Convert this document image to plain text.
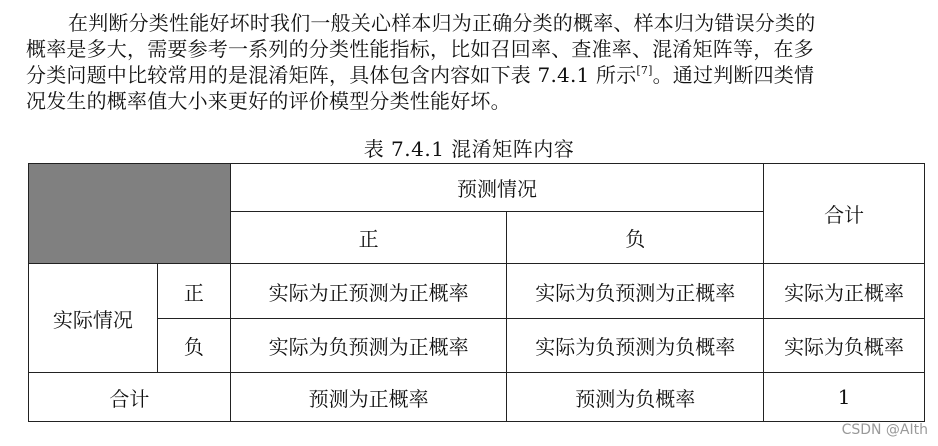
在判断分类性能好坏时我们一般关心样本归为正确分类的概率、样本归为错误分类的
概率是多大，需要参考一系列的分类性能指标，比如召回率、查准率、混淆矩阵等，在多
分类问题中比较常用的是混淆矩阵，具体包含内容如下表 7.4.1 所示[7]。通过判断四类情
况发生的概率值大小来更好的评价模型分类性能好坏。
表 7.4.1 混淆矩阵内容
		预测情况		合计
		正	负	
实际情况	正	实际为正预测为正概率	实际为负预测为正概率	实际为正概率
	负	实际为负预测为正概率	实际为负预测为负概率	实际为负概率
合计		预测为正概率	预测为负概率	1
CSDN @AIth
